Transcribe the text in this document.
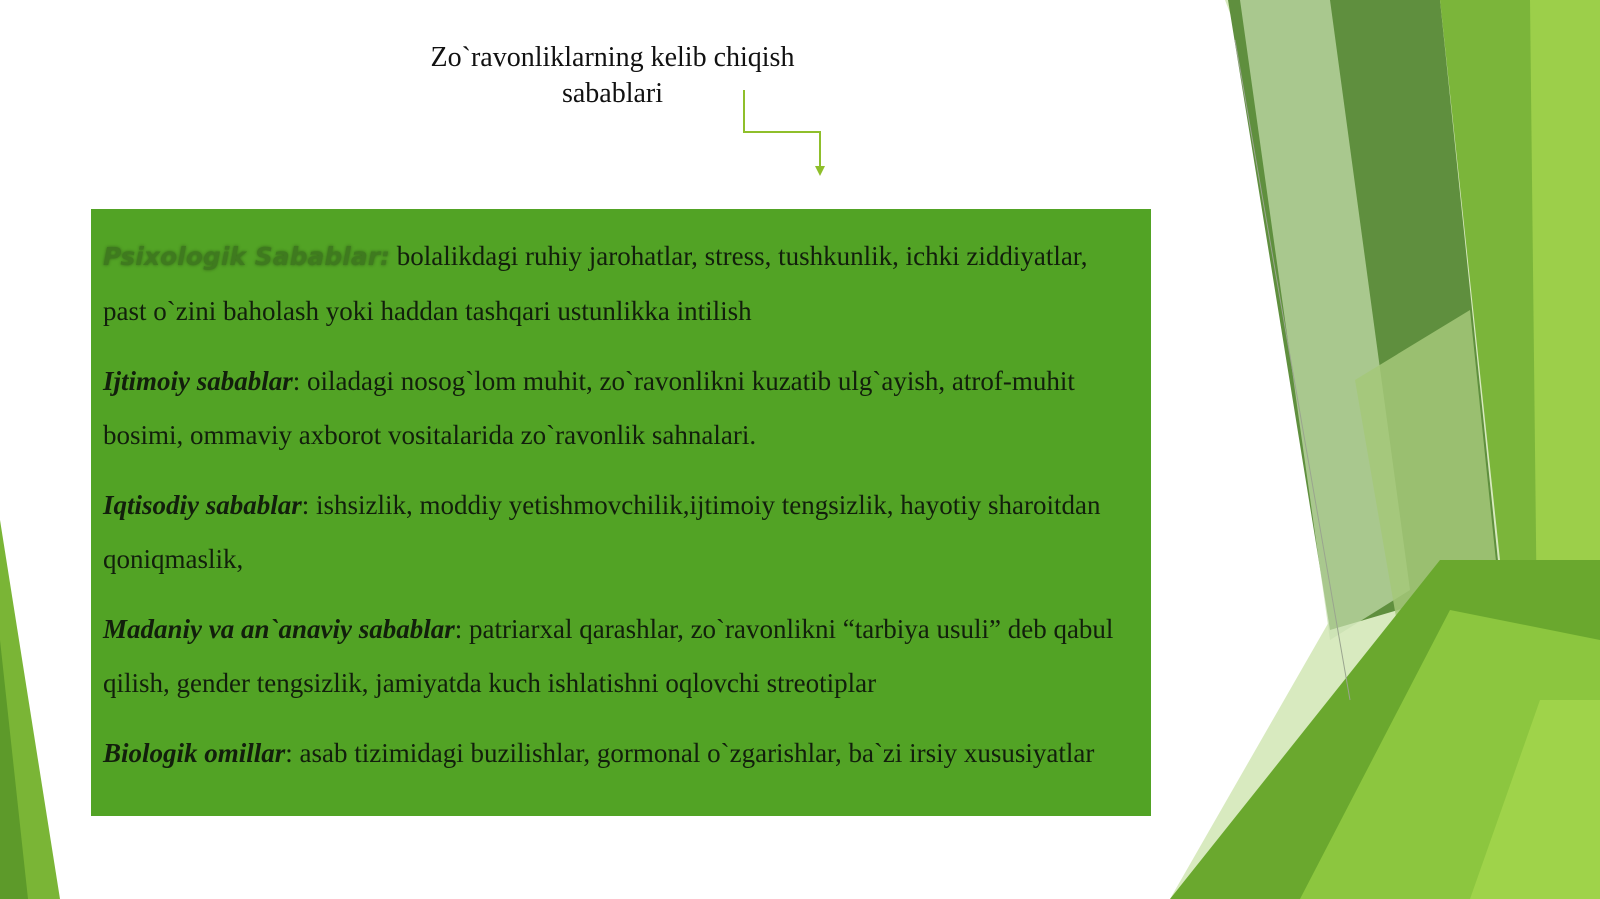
Zo`ravonliklarning kelib chiqish
sabablari

Psixologik Sabablar: bolalikdagi ruhiy jarohatlar, stress, tushkunlik, ichki ziddiyatlar, past o`zini baholash yoki haddan tashqari ustunlikka intilish

Ijtimoiy sabablar: oiladagi nosog`lom muhit, zo`ravonlikni kuzatib ulg`ayish, atrof-muhit bosimi, ommaviy axborot vositalarida zo`ravonlik sahnalari.

Iqtisodiy sabablar: ishsizlik, moddiy yetishmovchilik,ijtimoiy tengsizlik, hayotiy sharoitdan qoniqmaslik,

Madaniy va an`anaviy sabablar: patriarxal qarashlar, zo`ravonlikni “tarbiya usuli” deb qabul qilish, gender tengsizlik, jamiyatda kuch ishlatishni oqlovchi streotiplar

Biologik omillar: asab tizimidagi buzilishlar, gormonal o`zgarishlar, ba`zi irsiy xususiyatlar
